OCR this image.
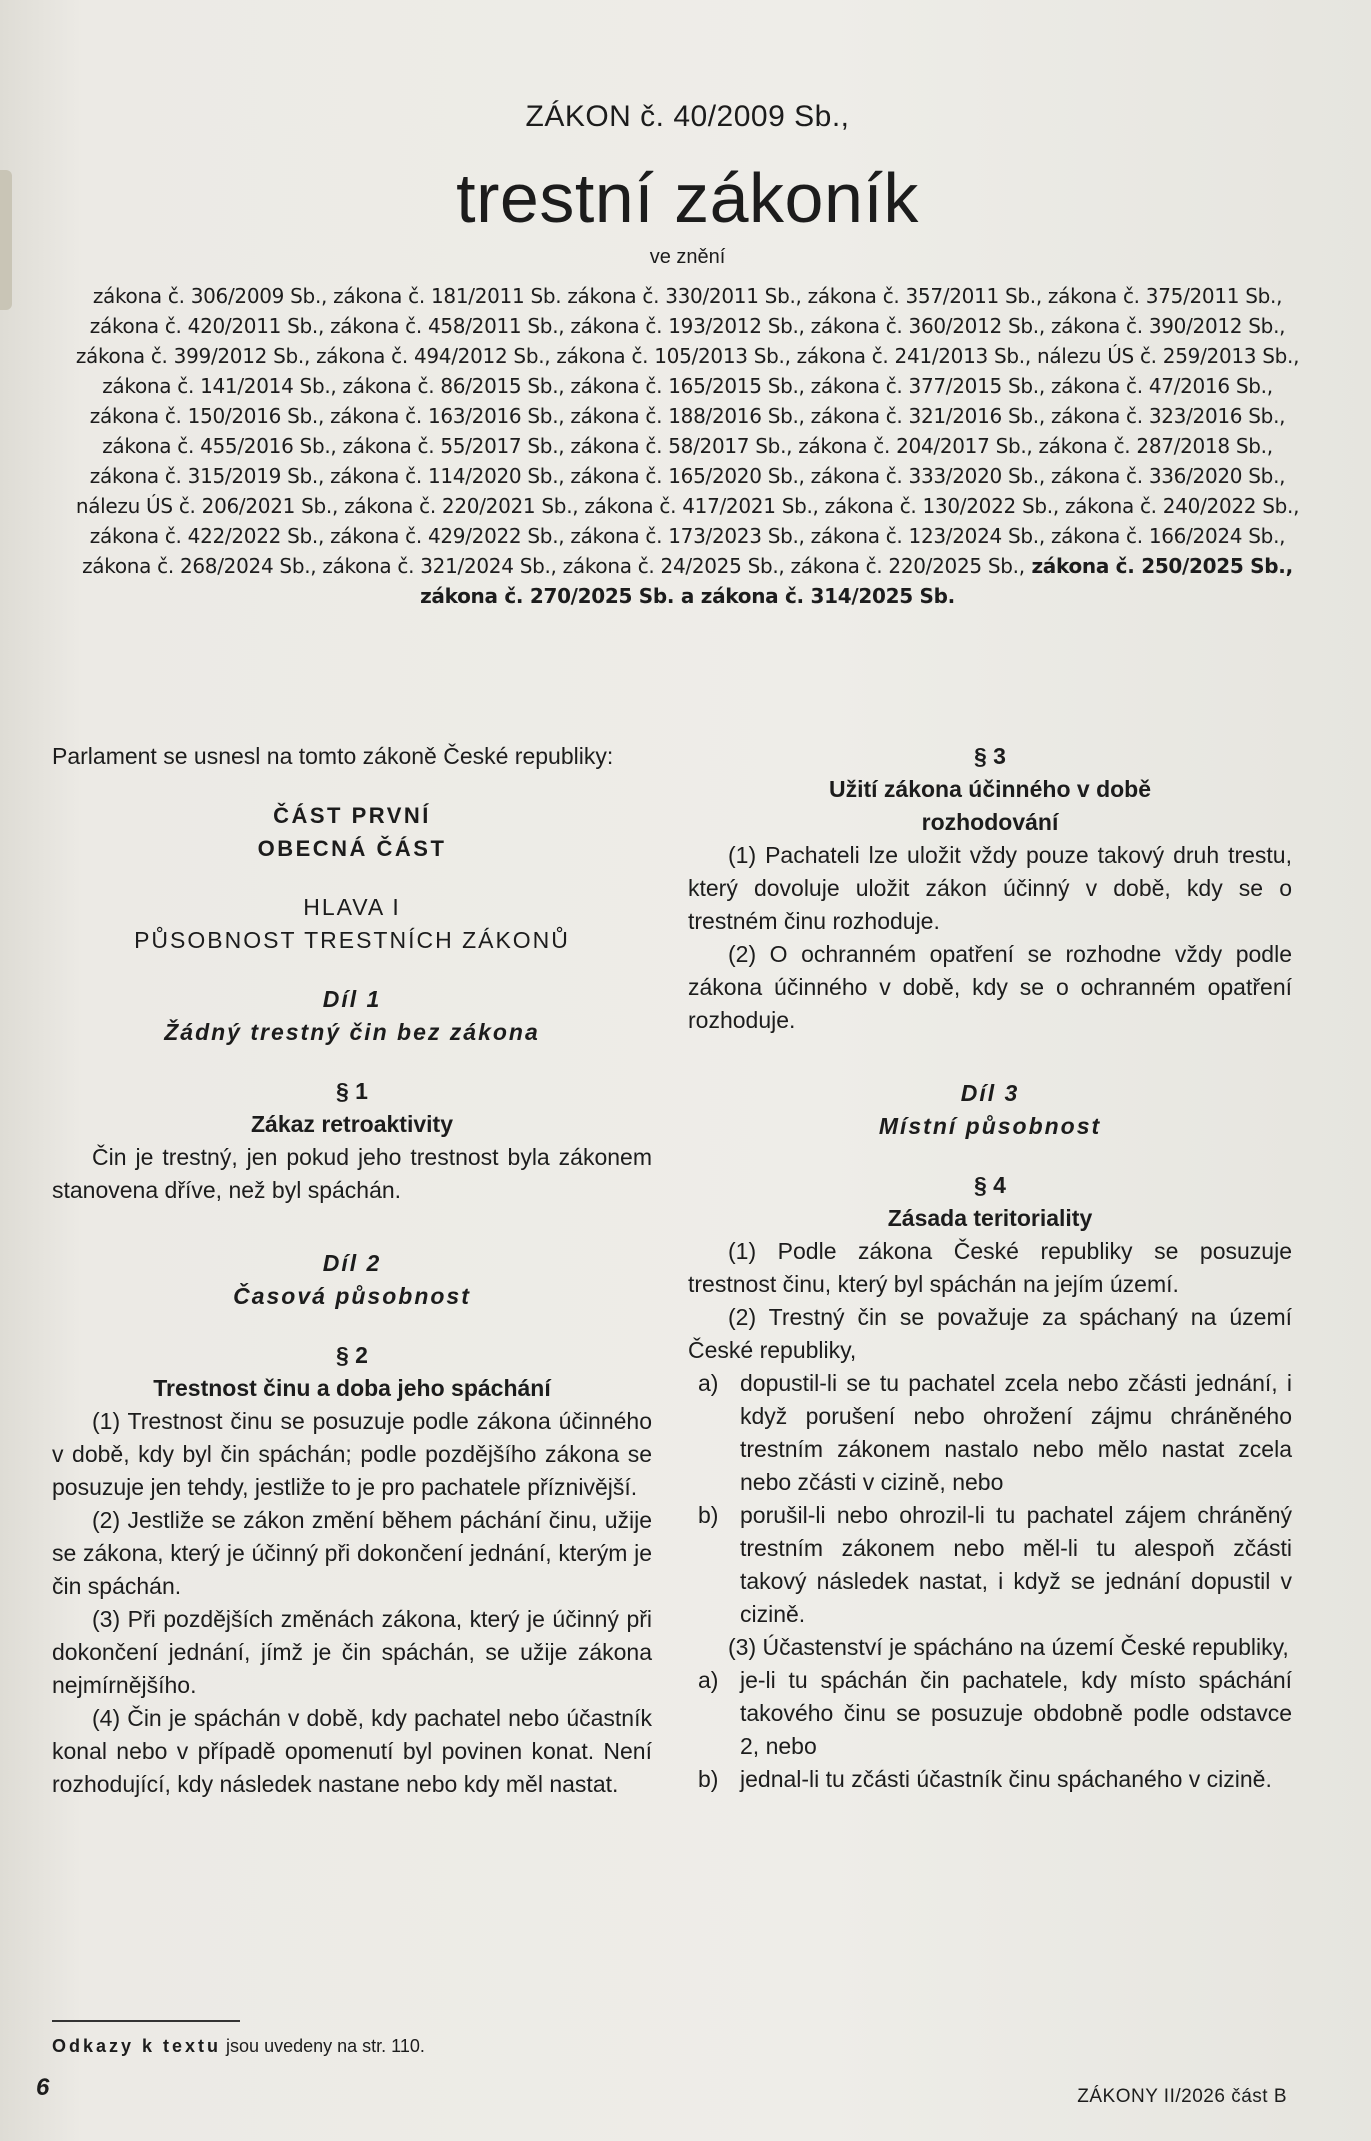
ZÁKON č. 40/2009 Sb.,

trestní zákoník

ve znění

zákona č. 306/2009 Sb., zákona č. 181/2011 Sb. zákona č. 330/2011 Sb., zákona č. 357/2011 Sb., zákona č. 375/2011 Sb.,
zákona č. 420/2011 Sb., zákona č. 458/2011 Sb., zákona č. 193/2012 Sb., zákona č. 360/2012 Sb., zákona č. 390/2012 Sb.,
zákona č. 399/2012 Sb., zákona č. 494/2012 Sb., zákona č. 105/2013 Sb., zákona č. 241/2013 Sb., nálezu ÚS č. 259/2013 Sb.,
zákona č. 141/2014 Sb., zákona č. 86/2015 Sb., zákona č. 165/2015 Sb., zákona č. 377/2015 Sb., zákona č. 47/2016 Sb.,
zákona č. 150/2016 Sb., zákona č. 163/2016 Sb., zákona č. 188/2016 Sb., zákona č. 321/2016 Sb., zákona č. 323/2016 Sb.,
zákona č. 455/2016 Sb., zákona č. 55/2017 Sb., zákona č. 58/2017 Sb., zákona č. 204/2017 Sb., zákona č. 287/2018 Sb.,
zákona č. 315/2019 Sb., zákona č. 114/2020 Sb., zákona č. 165/2020 Sb., zákona č. 333/2020 Sb., zákona č. 336/2020 Sb.,
nálezu ÚS č. 206/2021 Sb., zákona č. 220/2021 Sb., zákona č. 417/2021 Sb., zákona č. 130/2022 Sb., zákona č. 240/2022 Sb.,
zákona č. 422/2022 Sb., zákona č. 429/2022 Sb., zákona č. 173/2023 Sb., zákona č. 123/2024 Sb., zákona č. 166/2024 Sb.,
zákona č. 268/2024 Sb., zákona č. 321/2024 Sb., zákona č. 24/2025 Sb., zákona č. 220/2025 Sb., zákona č. 250/2025 Sb.,
zákona č. 270/2025 Sb. a zákona č. 314/2025 Sb.

Parlament se usnesl na tomto zákoně České republiky:

ČÁST PRVNÍ
OBECNÁ ČÁST
HLAVA I
PŮSOBNOST TRESTNÍCH ZÁKONŮ
Díl 1
Žádný trestný čin bez zákona
§ 1
Zákaz retroaktivity

Čin je trestný, jen pokud jeho trestnost byla zákonem stanovena dříve, než byl spáchán.

Díl 2
Časová působnost
§ 2
Trestnost činu a doba jeho spáchání

(1) Trestnost činu se posuzuje podle zákona účinného v době, kdy byl čin spáchán; podle pozdějšího zákona se posuzuje jen tehdy, jestliže to je pro pachatele příznivější.

(2) Jestliže se zákon změní během páchání činu, užije se zákona, který je účinný při dokončení jednání, kterým je čin spáchán.

(3) Při pozdějších změnách zákona, který je účinný při dokončení jednání, jímž je čin spáchán, se užije zákona nejmírnějšího.

(4) Čin je spáchán v době, kdy pachatel nebo účastník konal nebo v případě opomenutí byl povinen konat. Není rozhodující, kdy následek nastane nebo kdy měl nastat.

§ 3
Užití zákona účinného v době rozhodování

(1) Pachateli lze uložit vždy pouze takový druh trestu, který dovoluje uložit zákon účinný v době, kdy se o trestném činu rozhoduje.

(2) O ochranném opatření se rozhodne vždy podle zákona účinného v době, kdy se o ochranném opatření rozhoduje.

Díl 3
Místní působnost
§ 4
Zásada teritoriality

(1) Podle zákona České republiky se posuzuje trestnost činu, který byl spáchán na jejím území.

(2) Trestný čin se považuje za spáchaný na území České republiky,

a) dopustil-li se tu pachatel zcela nebo zčásti jednání, i když porušení nebo ohrožení zájmu chráněného trestním zákonem nastalo nebo mělo nastat zcela nebo zčásti v cizině, nebo
b) porušil-li nebo ohrozil-li tu pachatel zájem chráněný trestním zákonem nebo měl-li tu alespoň zčásti takový následek nastat, i když se jednání dopustil v cizině.

(3) Účastenství je spácháno na území České republiky,

a) je-li tu spáchán čin pachatele, kdy místo spáchání takového činu se posuzuje obdobně podle odstavce 2, nebo
b) jednal-li tu zčásti účastník činu spáchaného v cizině.
Odkazy k textu jsou uvedeny na str. 110.
6	ZÁKONY II/2026 část B
